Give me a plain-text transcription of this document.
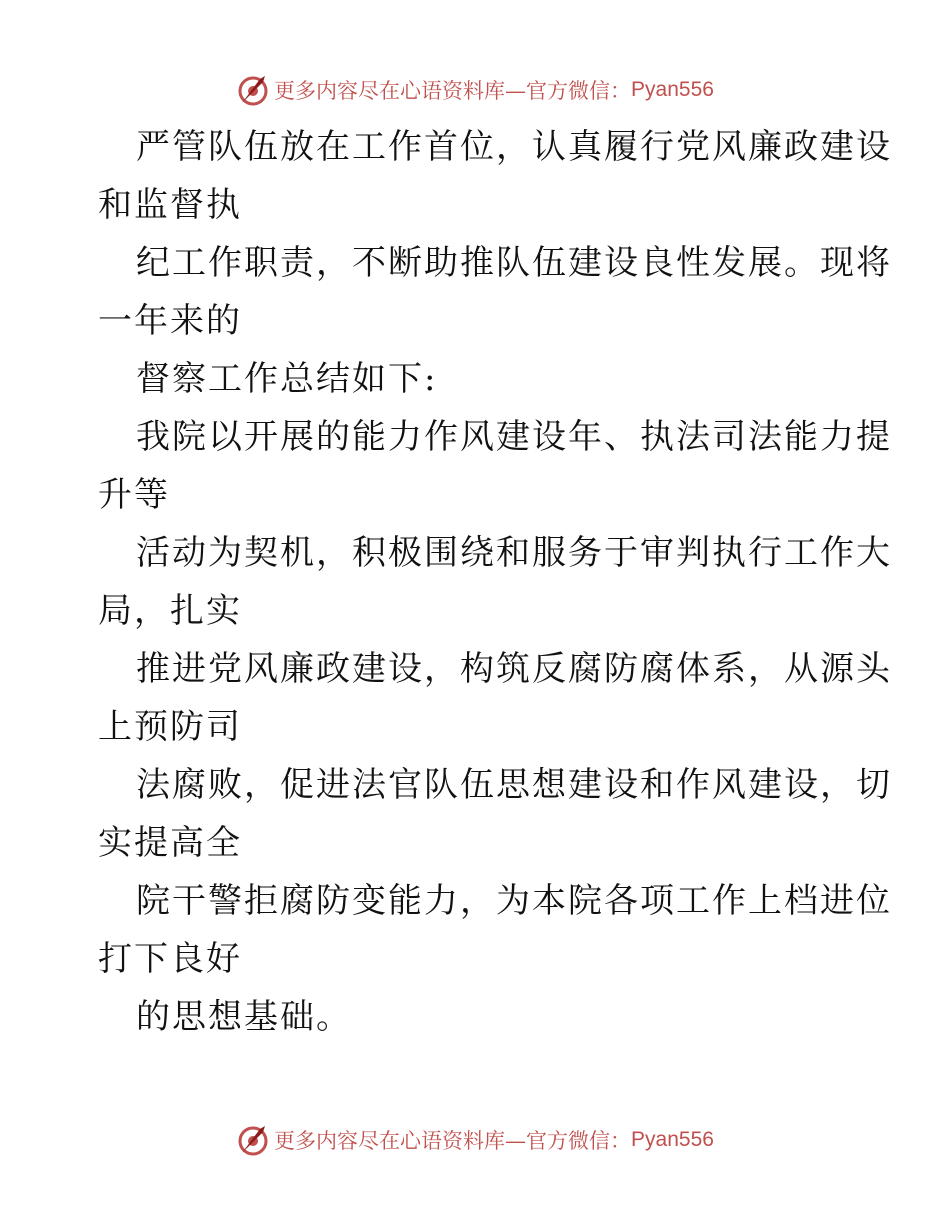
更多内容尽在心语资料库—官方微信： Pyan556
严管队伍放在工作首位，认真履行党风廉政建设
和监督执
纪工作职责，不断助推队伍建设良性发展。现将
一年来的
督察工作总结如下:
我院以开展的能力作风建设年、执法司法能力提
升等
活动为契机，积极围绕和服务于审判执行工作大
局，扎实
推进党风廉政建设，构筑反腐防腐体系，从源头
上预防司
法腐败，促进法官队伍思想建设和作风建设，切
实提高全
院干警拒腐防变能力，为本院各项工作上档进位
打下良好
的思想基础。
更多内容尽在心语资料库—官方微信： Pyan556
